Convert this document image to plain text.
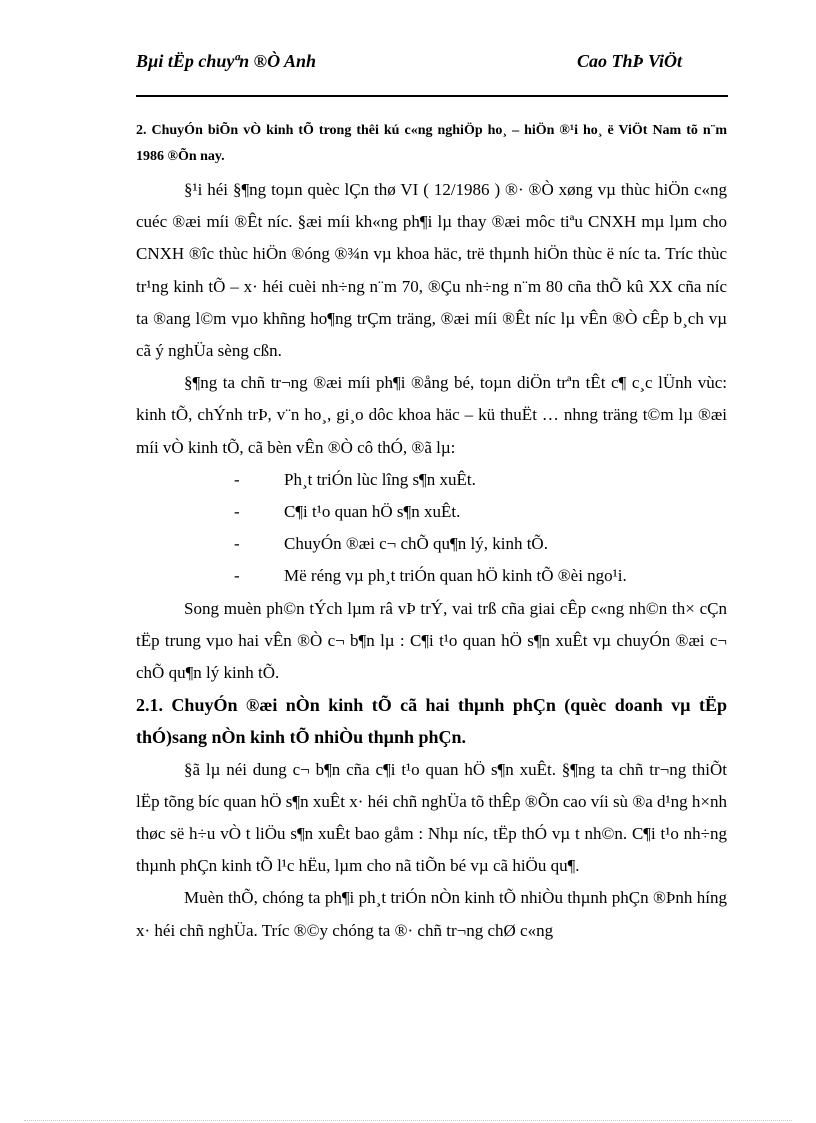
Bµi tËp chuyªn ®Ò Anh	Cao ThÞ ViÖt
2. ChuyÓn biÕn vÒ kinh tÕ trong thêi kú c«ng nghiÖp ho¸ – hiÖn ®¹i ho¸ ë ViÖt Nam tõ n¨m 1986 ®Õn nay.

§¹i héi §¶ng toµn quèc lÇn thø VI ( 12/1986 ) ®· ®Ò xøng vµ thùc hiÖn c«ng cuéc ®æi míi ®Êt níc. §æi míi kh«ng ph¶i lµ thay ®æi môc tiªu CNXH mµ lµm cho CNXH ®îc thùc hiÖn ®óng ®¾n vµ khoa häc, trë thµnh hiÖn thùc ë níc ta. Tríc thùc tr¹ng kinh tÕ – x· héi cuèi nh÷ng n¨m 70, ®Çu nh÷ng n¨m 80 cña thÕ kû XX cña níc ta ®ang l©m vµo khñng ho¶ng trÇm träng, ®æi míi ®Êt níc lµ vÊn ®Ò cÊp b¸ch vµ cã ý nghÜa sèng cßn.

§¶ng ta chñ tr¬ng ®æi míi ph¶i ®ång bé, toµn diÖn trªn tÊt c¶ c¸c lÜnh vùc: kinh tÕ, chÝnh trÞ, v¨n ho¸, gi¸o dôc khoa häc – kü thuËt … nhng träng t©m lµ ®æi míi vÒ kinh tÕ, cã bèn vÊn ®Ò cô thÓ, ®ã lµ:

-	Ph¸t triÓn lùc lîng s¶n xuÊt.
-	C¶i t¹o quan hÖ s¶n xuÊt.
-	ChuyÓn ®æi c¬ chÕ qu¶n lý, kinh tÕ.
-	Më réng vµ ph¸t triÓn quan hÖ kinh tÕ ®èi ngo¹i.

Song muèn ph©n tÝch lµm râ vÞ trÝ, vai trß cña giai cÊp c«ng nh©n th× cÇn tËp trung vµo hai vÊn ®Ò c¬ b¶n lµ : C¶i t¹o quan hÖ s¶n xuÊt vµ chuyÓn ®æi c¬ chÕ qu¶n lý kinh tÕ.

2.1. ChuyÓn ®æi nÒn kinh tÕ cã hai thµnh phÇn (quèc doanh vµ tËp thÓ)sang nÒn kinh tÕ nhiÒu thµnh phÇn.

§ã lµ néi dung c¬ b¶n cña c¶i t¹o quan hÖ s¶n xuÊt. §¶ng ta chñ tr¬ng thiÕt lËp tõng bíc quan hÖ s¶n xuÊt x· héi chñ nghÜa tõ thÊp ®Õn cao víi sù ®a d¹ng h×nh thøc së h÷u vÒ t liÖu s¶n xuÊt bao gåm : Nhµ níc, tËp thÓ vµ t nh©n. C¶i t¹o nh÷ng thµnh phÇn kinh tÕ l¹c hËu, lµm cho nã tiÕn bé vµ cã hiÖu qu¶.

Muèn thÕ, chóng ta ph¶i ph¸t triÓn nÒn kinh tÕ nhiÒu thµnh phÇn ®Þnh híng x· héi chñ nghÜa. Tríc ®©y chóng ta ®· chñ tr¬ng chØ c«ng
